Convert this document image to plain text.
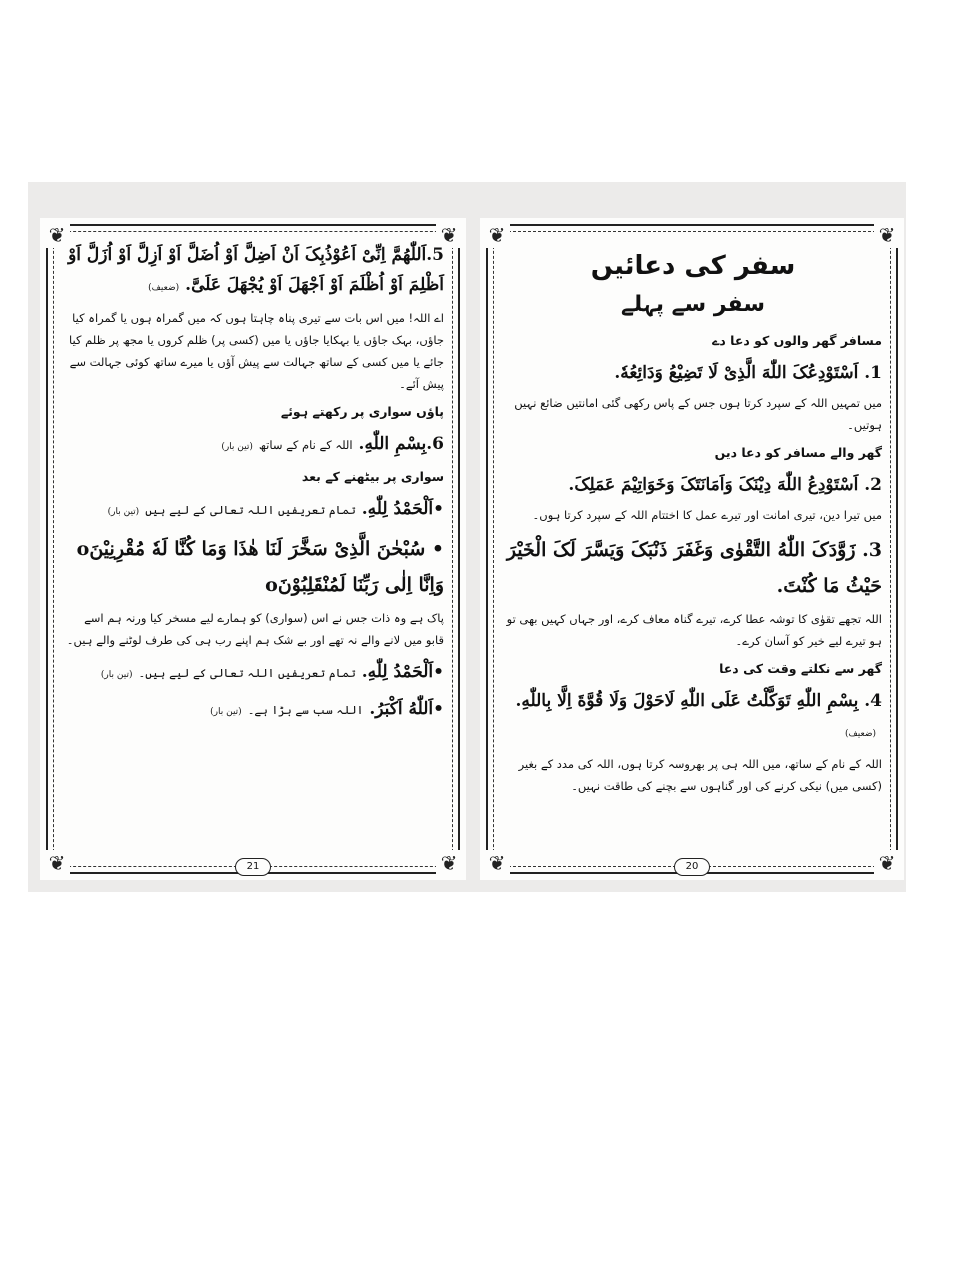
❦	❦
❦	❦

5.اَللّٰهُمَّ اِنِّیْ اَعُوْذُبِکَ اَنْ اَضِلَّ اَوْ اُضَلَّ اَوْ اَزِلَّ اَوْ اُزَلَّ اَوْ اَظْلِمَ اَوْ اُظْلَمَ اَوْ اَجْهَلَ اَوْ یُجْهَلَ عَلَیَّ.(ضعیف)

اے اللہ! میں اس بات سے تیری پناہ چاہتا ہوں کہ میں گمراہ ہوں یا گمراہ کیا جاؤں، بہک جاؤں یا بہکایا جاؤں یا میں (کسی پر) ظلم کروں یا مجھ پر ظلم کیا جائے یا میں کسی کے ساتھ جہالت سے پیش آؤں یا میرے ساتھ کوئی جہالت سے پیش آئے۔

پاؤں سواری پر رکھتے ہوئے

6.بِسْمِ اللّٰهِ. اللہ کے نام کے ساتھ(تین بار)

سواری پر بیٹھنے کے بعد

•اَلْحَمْدُ لِلّٰهِ. تمام تعریفیں اللہ تعالی کے لیے ہیں(تین بار)

• سُبْحٰنَ الَّذِیْ سَخَّرَ لَنَا هٰذَا وَمَا کُنَّا لَهٗ مُقْرِنِیْنَo وَاِنَّا اِلٰی رَبِّنَا لَمُنْقَلِبُوْنَo

پاک ہے وہ ذات جس نے اس (سواری) کو ہمارے لیے مسخر کیا ورنہ ہم اسے قابو میں لانے والے نہ تھے اور بے شک ہم اپنے رب ہی کی طرف لوٹنے والے ہیں۔

•اَلْحَمْدُ لِلّٰهِ. تمام تعریفیں اللہ تعالی کے لیے ہیں۔(تین بار)

•اَللّٰهُ اَکْبَرُ. اللہ سب سے بڑا ہے۔(تین بار)

21
❦	❦
❦	❦

سفر کی دعائیں

سفر سے پہلے

مسافر گھر والوں کو دعا دے

1. اَسْتَوْدِعُکَ اللّٰهَ الَّذِیْ لَا تَضِیْعُ وَدَائِعُهٗ.

میں تمہیں اللہ کے سپرد کرتا ہوں جس کے پاس رکھی گئی امانتیں ضائع نہیں ہوتیں۔

گھر والے مسافر کو دعا دیں

2. اَسْتَوْدِعُ اللّٰهَ دِیْنَکَ وَاَمَانَتَکَ وَخَوَاتِیْمَ عَمَلِکَ.

میں تیرا دین، تیری امانت اور تیرے عمل کا اختتام اللہ کے سپرد کرتا ہوں۔

3. زَوَّدَکَ اللّٰهُ التَّقْوٰی وَغَفَرَ ذَنْبَکَ وَیَسَّرَ لَکَ الْخَیْرَ حَیْثُ مَا کُنْتَ.

اللہ تجھے تقوٰی کا توشہ عطا کرے، تیرے گناہ معاف کرے، اور جہاں کہیں بھی تو ہو تیرے لیے خیر کو آسان کرے۔

گھر سے نکلتے وقت کی دعا

4. بِسْمِ اللّٰهِ تَوَکَّلْتُ عَلَی اللّٰهِ لَاحَوْلَ وَلَا قُوَّةَ اِلَّا بِاللّٰهِ.(ضعیف)

اللہ کے نام کے ساتھ، میں اللہ ہی پر بھروسہ کرتا ہوں، اللہ کی مدد کے بغیر (کسی میں) نیکی کرنے کی اور گناہوں سے بچنے کی طاقت نہیں۔

20
